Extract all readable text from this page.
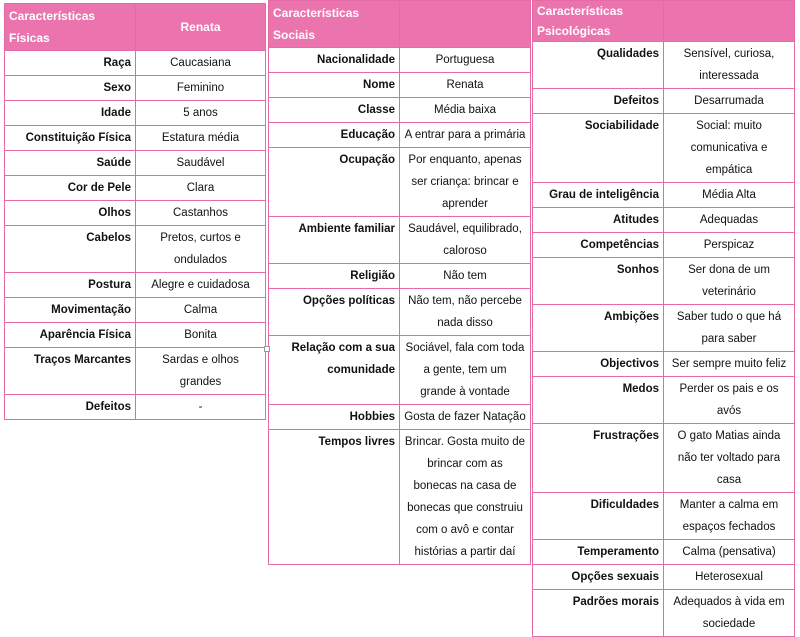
Características Físicas	Renata
Raça	Caucasiana
Sexo	Feminino
Idade	5 anos
Constituição Física	Estatura média
Saúde	Saudável
Cor de Pele	Clara
Olhos	Castanhos
Cabelos	Pretos, curtos e ondulados
Postura	Alegre e cuidadosa
Movimentação	Calma
Aparência Física	Bonita
Traços Marcantes	Sardas e olhos grandes
Defeitos	-
Características Sociais	
Nacionalidade	Portuguesa
Nome	Renata
Classe	Média baixa
Educação	A entrar para a primária
Ocupação	Por enquanto, apenas ser criança: brincar e aprender
Ambiente familiar	Saudável, equilibrado, caloroso
Religião	Não tem
Opções políticas	Não tem, não percebe nada disso
Relação com a sua comunidade	Sociável, fala com toda a gente, tem um grande à vontade
Hobbies	Gosta de fazer Natação
Tempos livres	Brincar. Gosta muito de brincar com as bonecas na casa de bonecas que construiu com o avô e contar histórias a partir daí
Características Psicológicas	
Qualidades	Sensível, curiosa, interessada
Defeitos	Desarrumada
Sociabilidade	Social: muito comunicativa e empática
Grau de inteligência	Média Alta
Atitudes	Adequadas
Competências	Perspicaz
Sonhos	Ser dona de um veterinário
Ambições	Saber tudo o que há para saber
Objectivos	Ser sempre muito feliz
Medos	Perder os pais e os avós
Frustrações	O gato Matias ainda não ter voltado para casa
Dificuldades	Manter a calma em espaços fechados
Temperamento	Calma (pensativa)
Opções sexuais	Heterosexual
Padrões morais	Adequados à vida em sociedade
